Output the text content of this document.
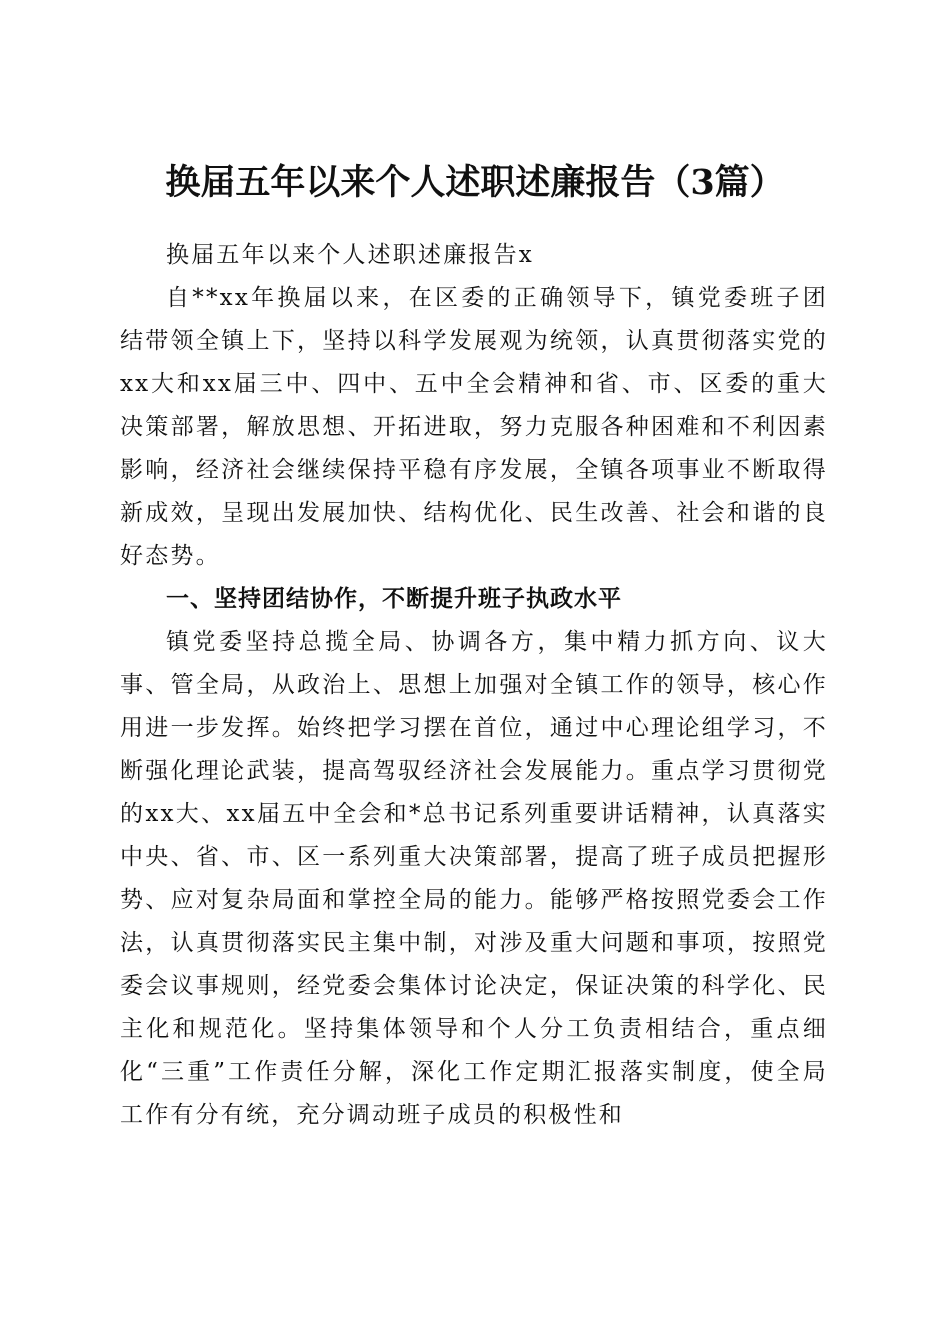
换届五年以来个人述职述廉报告（3篇）

换届五年以来个人述职述廉报告x

自**xx年换届以来，在区委的正确领导下，镇党委班子团结带领全镇上下，坚持以科学发展观为统领，认真贯彻落实党的xx大和xx届三中、四中、五中全会精神和省、市、区委的重大决策部署，解放思想、开拓进取，努力克服各种困难和不利因素影响，经济社会继续保持平稳有序发展，全镇各项事业不断取得新成效，呈现出发展加快、结构优化、民生改善、社会和谐的良好态势。

一、坚持团结协作，不断提升班子执政水平

镇党委坚持总揽全局、协调各方，集中精力抓方向、议大事、管全局，从政治上、思想上加强对全镇工作的领导，核心作用进一步发挥。始终把学习摆在首位，通过中心理论组学习，不断强化理论武装，提高驾驭经济社会发展能力。重点学习贯彻党的xx大、xx届五中全会和*总书记系列重要讲话精神，认真落实中央、省、市、区一系列重大决策部署，提高了班子成员把握形势、应对复杂局面和掌控全局的能力。能够严格按照党委会工作法，认真贯彻落实民主集中制，对涉及重大问题和事项，按照党委会议事规则，经党委会集体讨论决定，保证决策的科学化、民主化和规范化。坚持集体领导和个人分工负责相结合，重点细化“三重”工作责任分解，深化工作定期汇报落实制度，使全局工作有分有统，充分调动班子成员的积极性和
